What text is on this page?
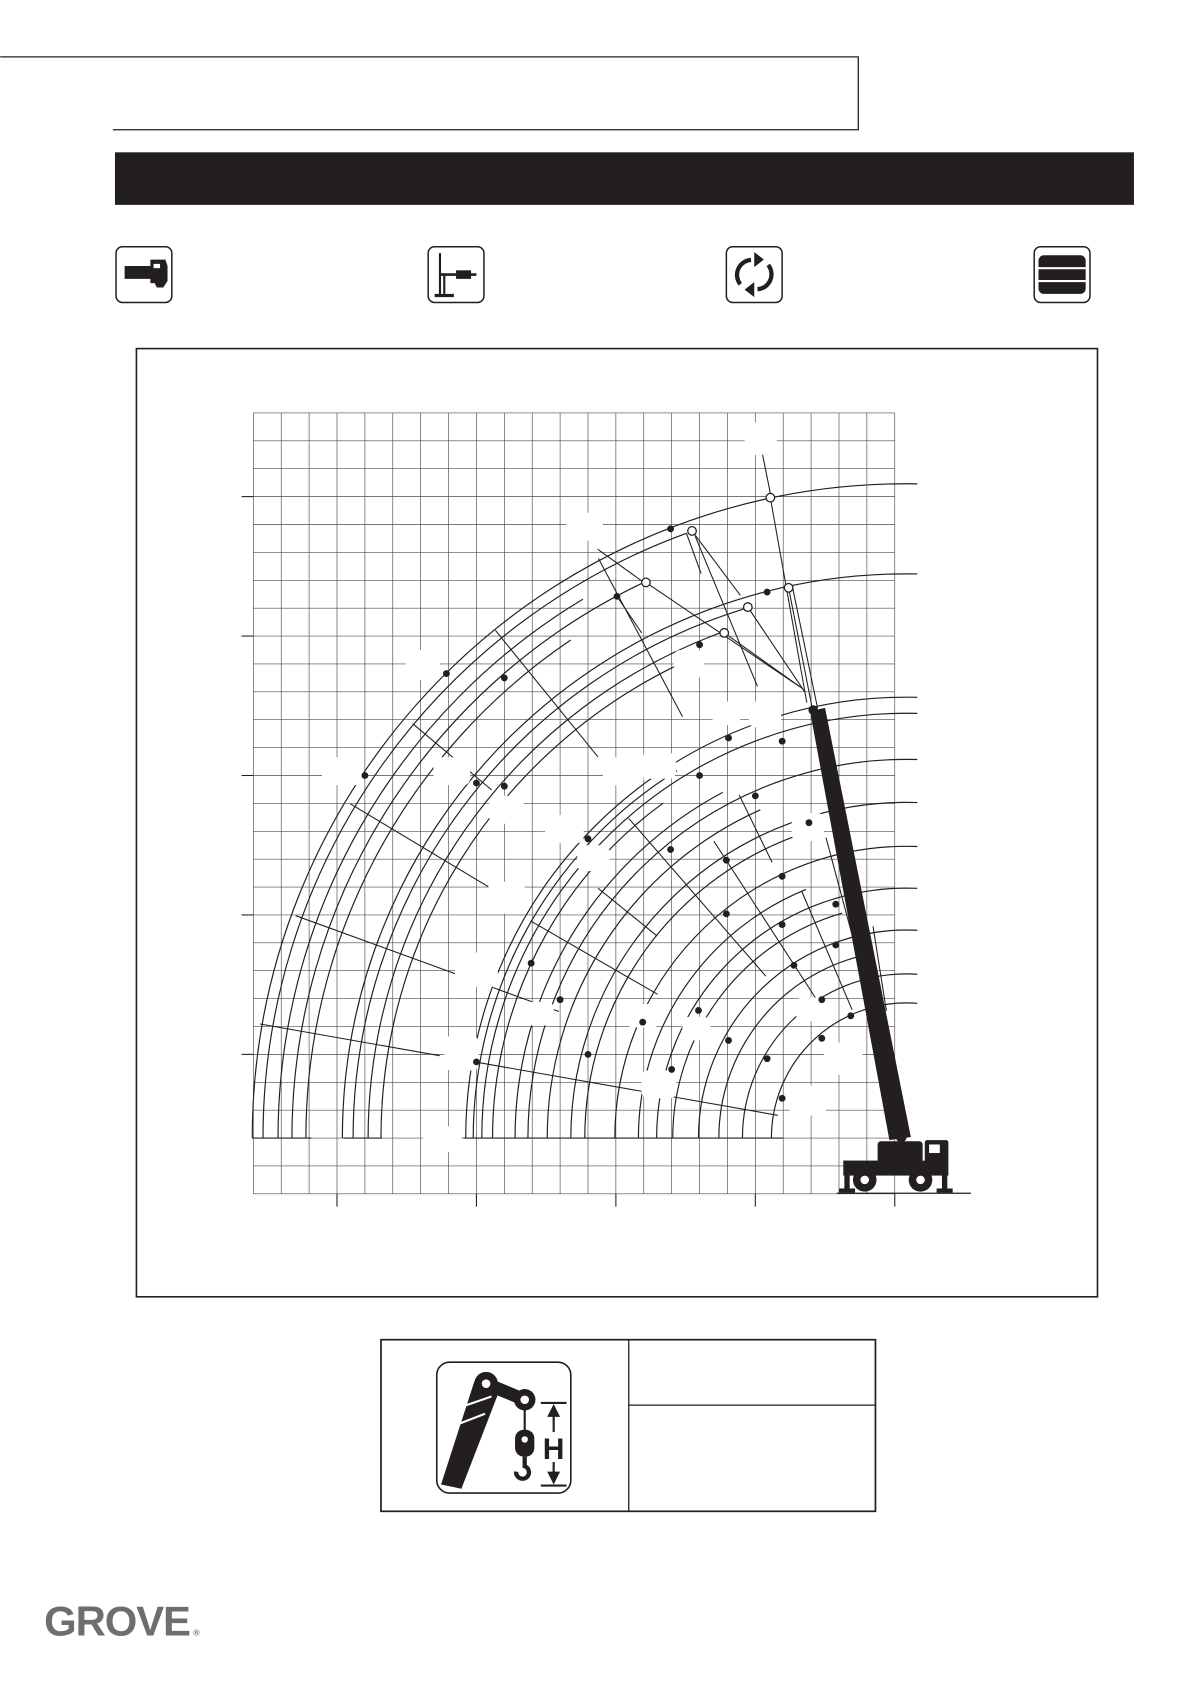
H
GROVE ®
